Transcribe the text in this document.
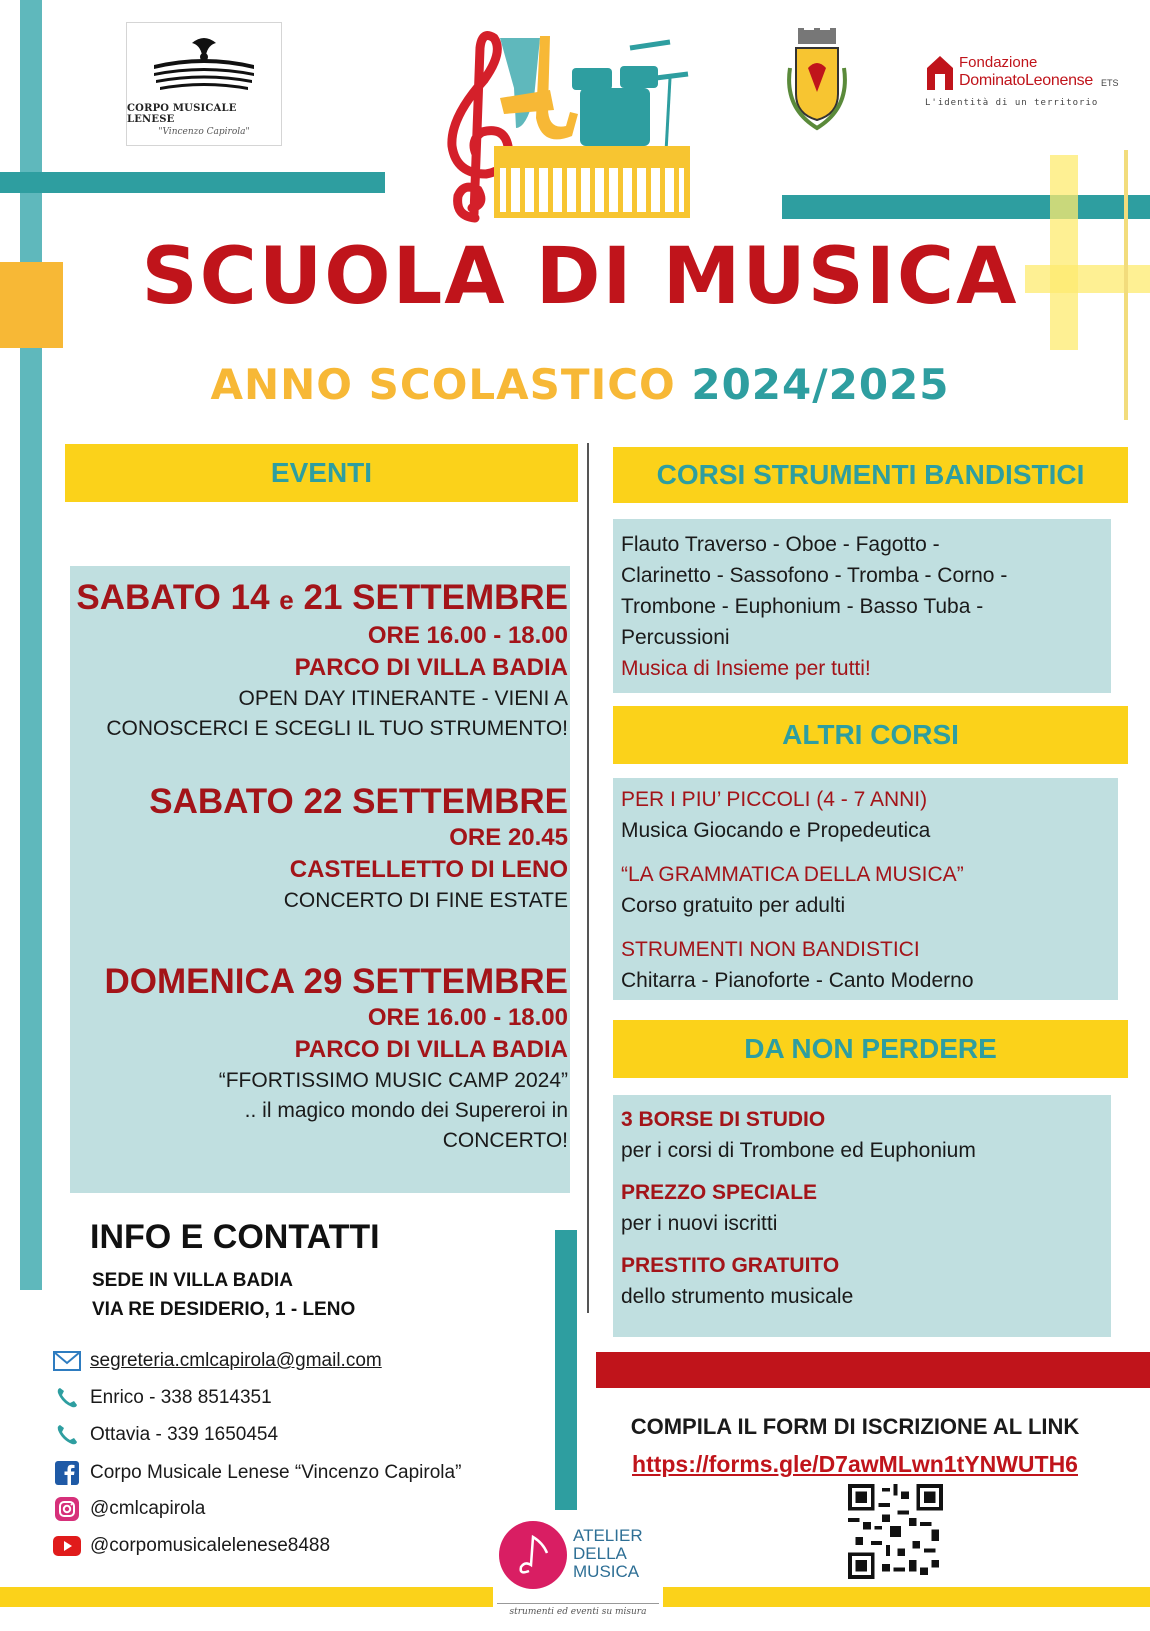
CORPO MUSICALE LENESE
"Vincenzo Capirola"
Fondazione
DominatoLeonense ETS
L'identità di un territorio
SCUOLA DI MUSICA
ANNO SCOLASTICO 2024/2025
EVENTI
SABATO 14 e 21 SETTEMBRE
ORE 16.00 - 18.00
PARCO DI VILLA BADIA
OPEN DAY ITINERANTE - VIENI A
CONOSCERCI E SCEGLI IL TUO STRUMENTO!
SABATO 22 SETTEMBRE
ORE 20.45
CASTELLETTO DI LENO
CONCERTO DI FINE ESTATE
DOMENICA 29 SETTEMBRE
ORE 16.00 - 18.00
PARCO DI VILLA BADIA
“FFORTISSIMO MUSIC CAMP 2024”
.. il magico mondo dei Supereroi in
CONCERTO!
CORSI STRUMENTI BANDISTICI
Flauto Traverso - Oboe - Fagotto -
Clarinetto - Sassofono - Tromba - Corno -
Trombone - Euphonium - Basso Tuba -
Percussioni
Musica di Insieme per tutti!
ALTRI CORSI
PER I PIU’ PICCOLI (4 - 7 ANNI)
Musica Giocando e Propedeutica
“LA GRAMMATICA DELLA MUSICA”
Corso gratuito per adulti
STRUMENTI NON BANDISTICI
Chitarra - Pianoforte - Canto Moderno
DA NON PERDERE
3 BORSE DI STUDIO
per i corsi di Trombone ed Euphonium
PREZZO SPECIALE
per i nuovi iscritti
PRESTITO GRATUITO
dello strumento musicale
INFO E CONTATTI
SEDE IN VILLA BADIA
VIA RE DESIDERIO, 1 - LENO
segreteria.cmlcapirola@gmail.com
Enrico - 338 8514351
Ottavia - 339 1650454
Corpo Musicale Lenese “Vincenzo Capirola”
@cmlcapirola
@corpomusicalelenese8488
COMPILA IL FORM DI ISCRIZIONE AL LINK
https://forms.gle/D7awMLwn1tYNWUTH6
ATELIER
DELLA
MUSICA
strumenti ed eventi su misura
